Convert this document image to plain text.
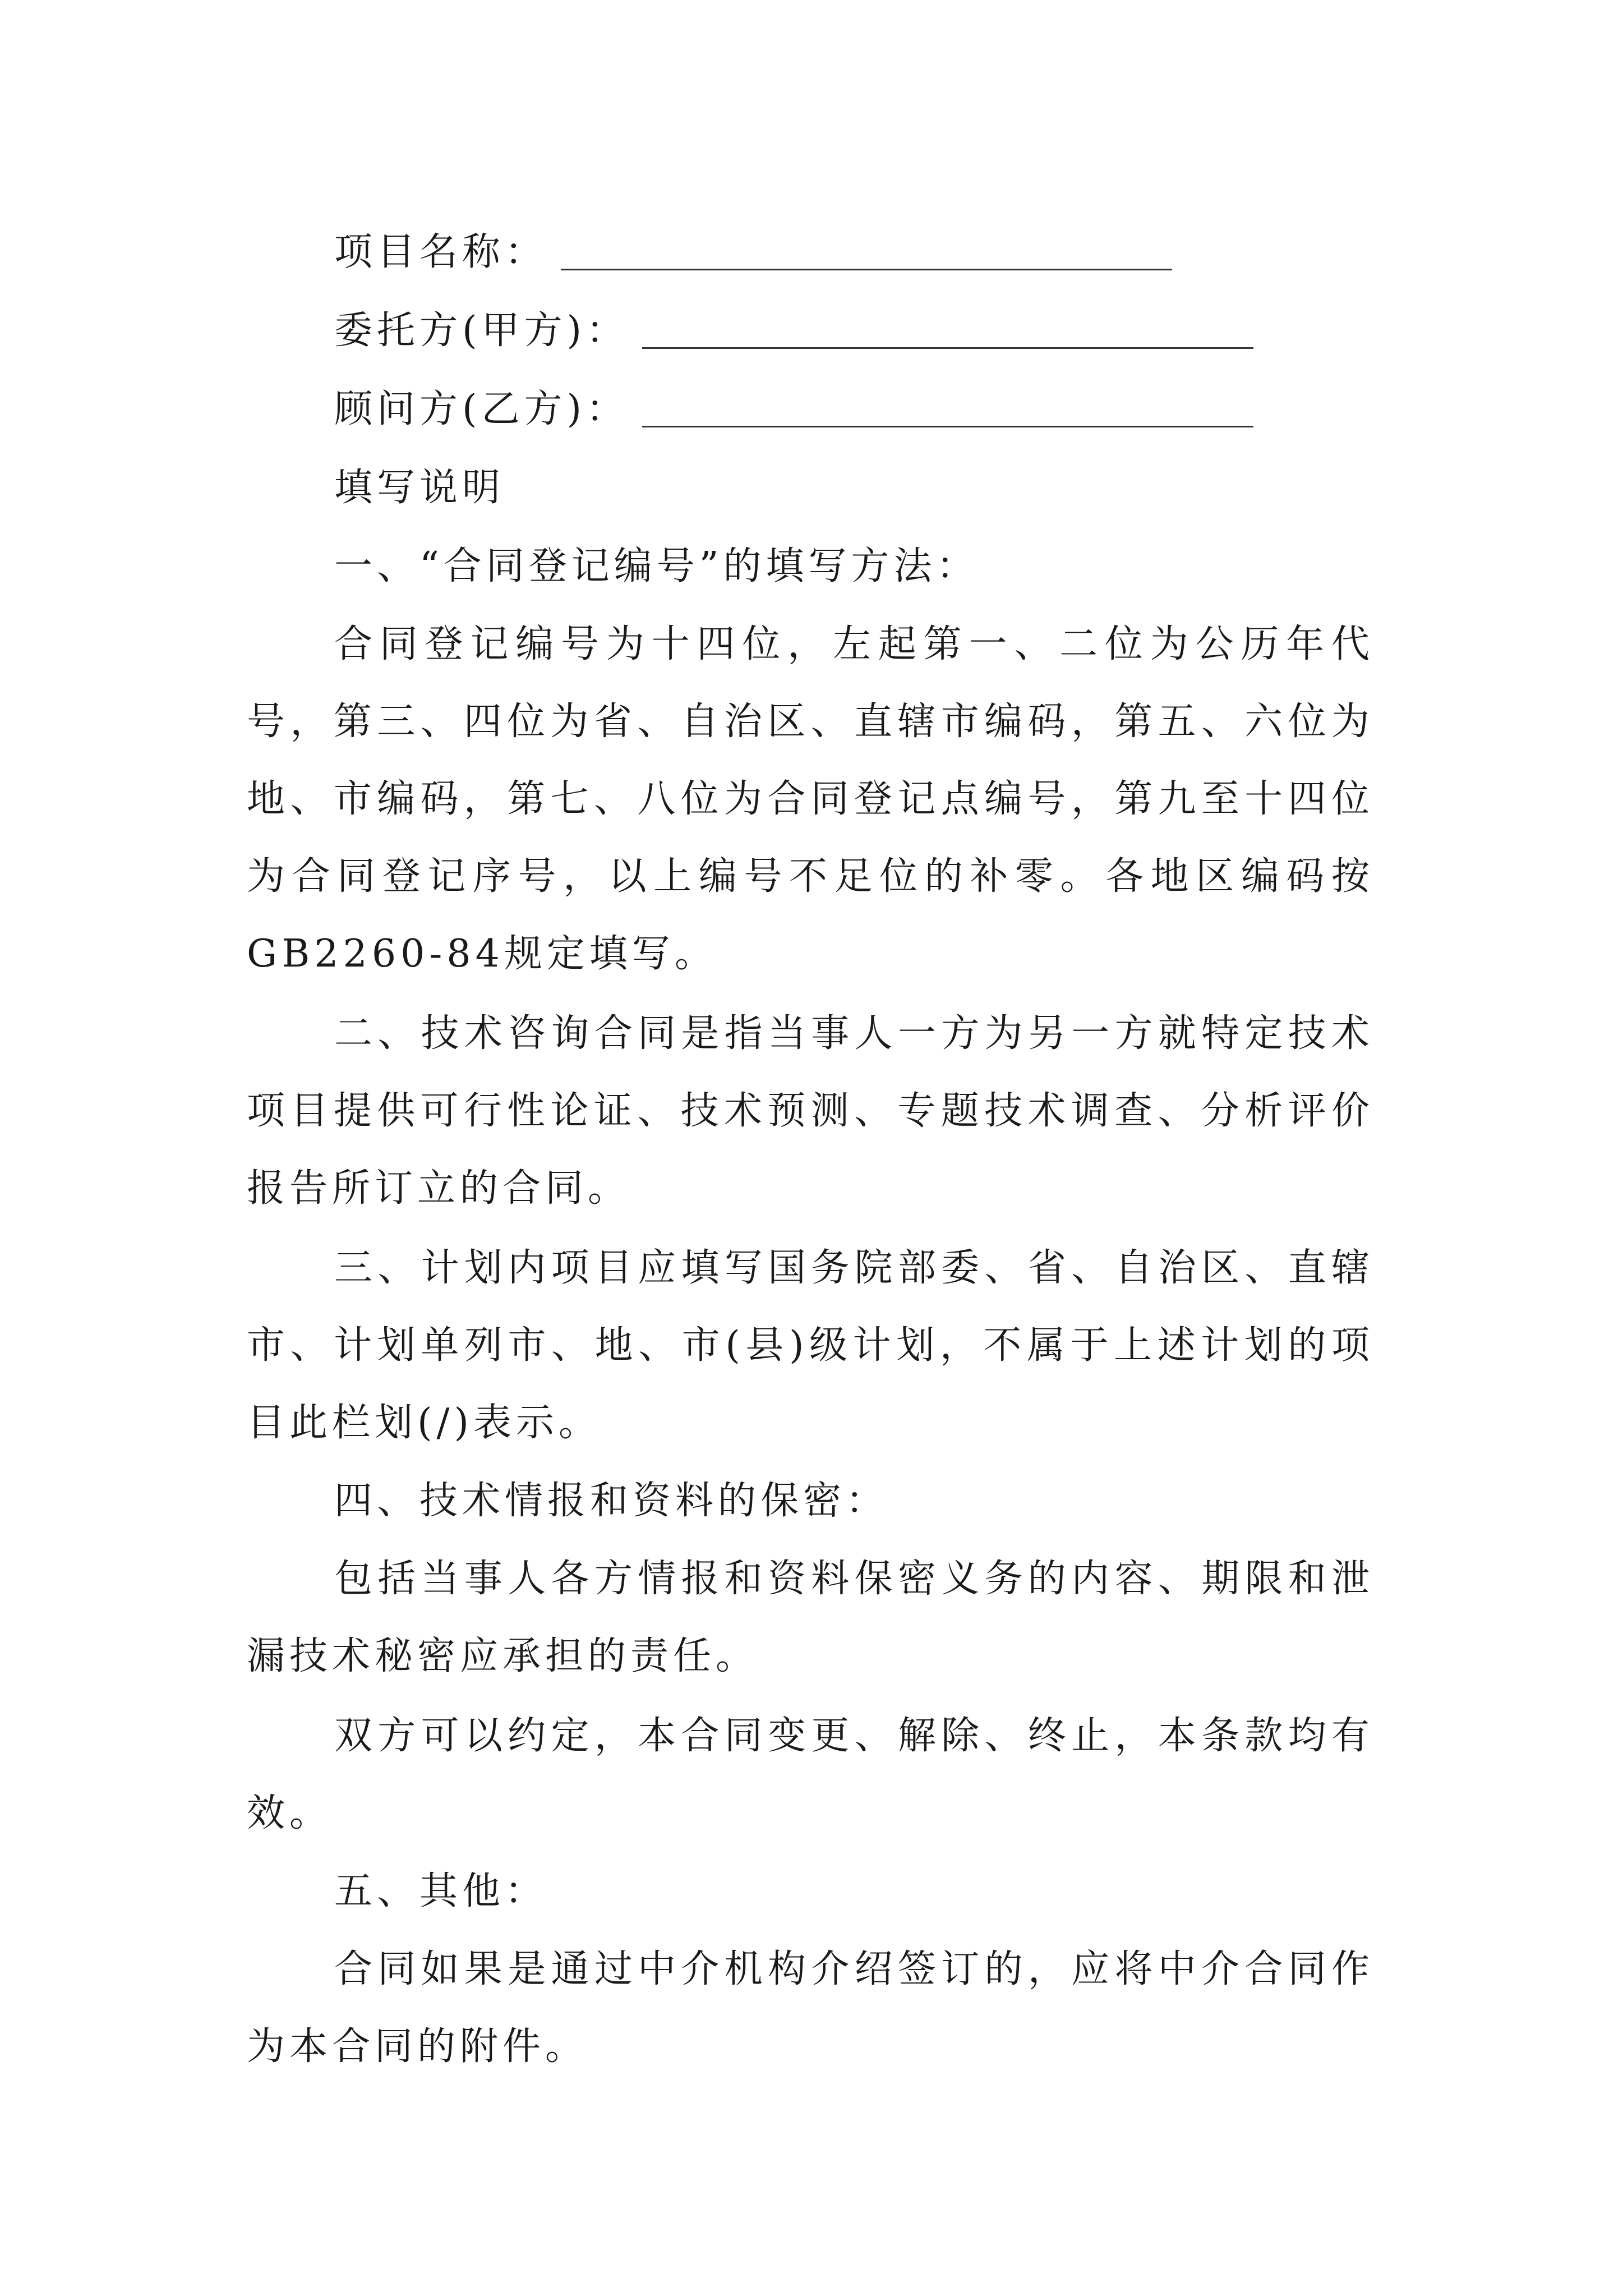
项目名称：
委托方(甲方)：
顾问方(乙方)：
填写说明
一、“合同登记编号”的填写方法：

合同登记编号为十四位，左起第一、二位为公历年代号，第三、四位为省、自治区、直辖市编码，第五、六位为地、市编码，第七、八位为合同登记点编号，第九至十四位为合同登记序号，以上编号不足位的补零。各地区编码按GB2260-84规定填写。

二、技术咨询合同是指当事人一方为另一方就特定技术项目提供可行性论证、技术预测、专题技术调查、分析评价报告所订立的合同。

三、计划内项目应填写国务院部委、省、自治区、直辖市、计划单列市、地、市(县)级计划，不属于上述计划的项目此栏划(/)表示。

四、技术情报和资料的保密：

包括当事人各方情报和资料保密义务的内容、期限和泄漏技术秘密应承担的责任。

双方可以约定，本合同变更、解除、终止，本条款均有效。

五、其他：

合同如果是通过中介机构介绍签订的，应将中介合同作为本合同的附件。
